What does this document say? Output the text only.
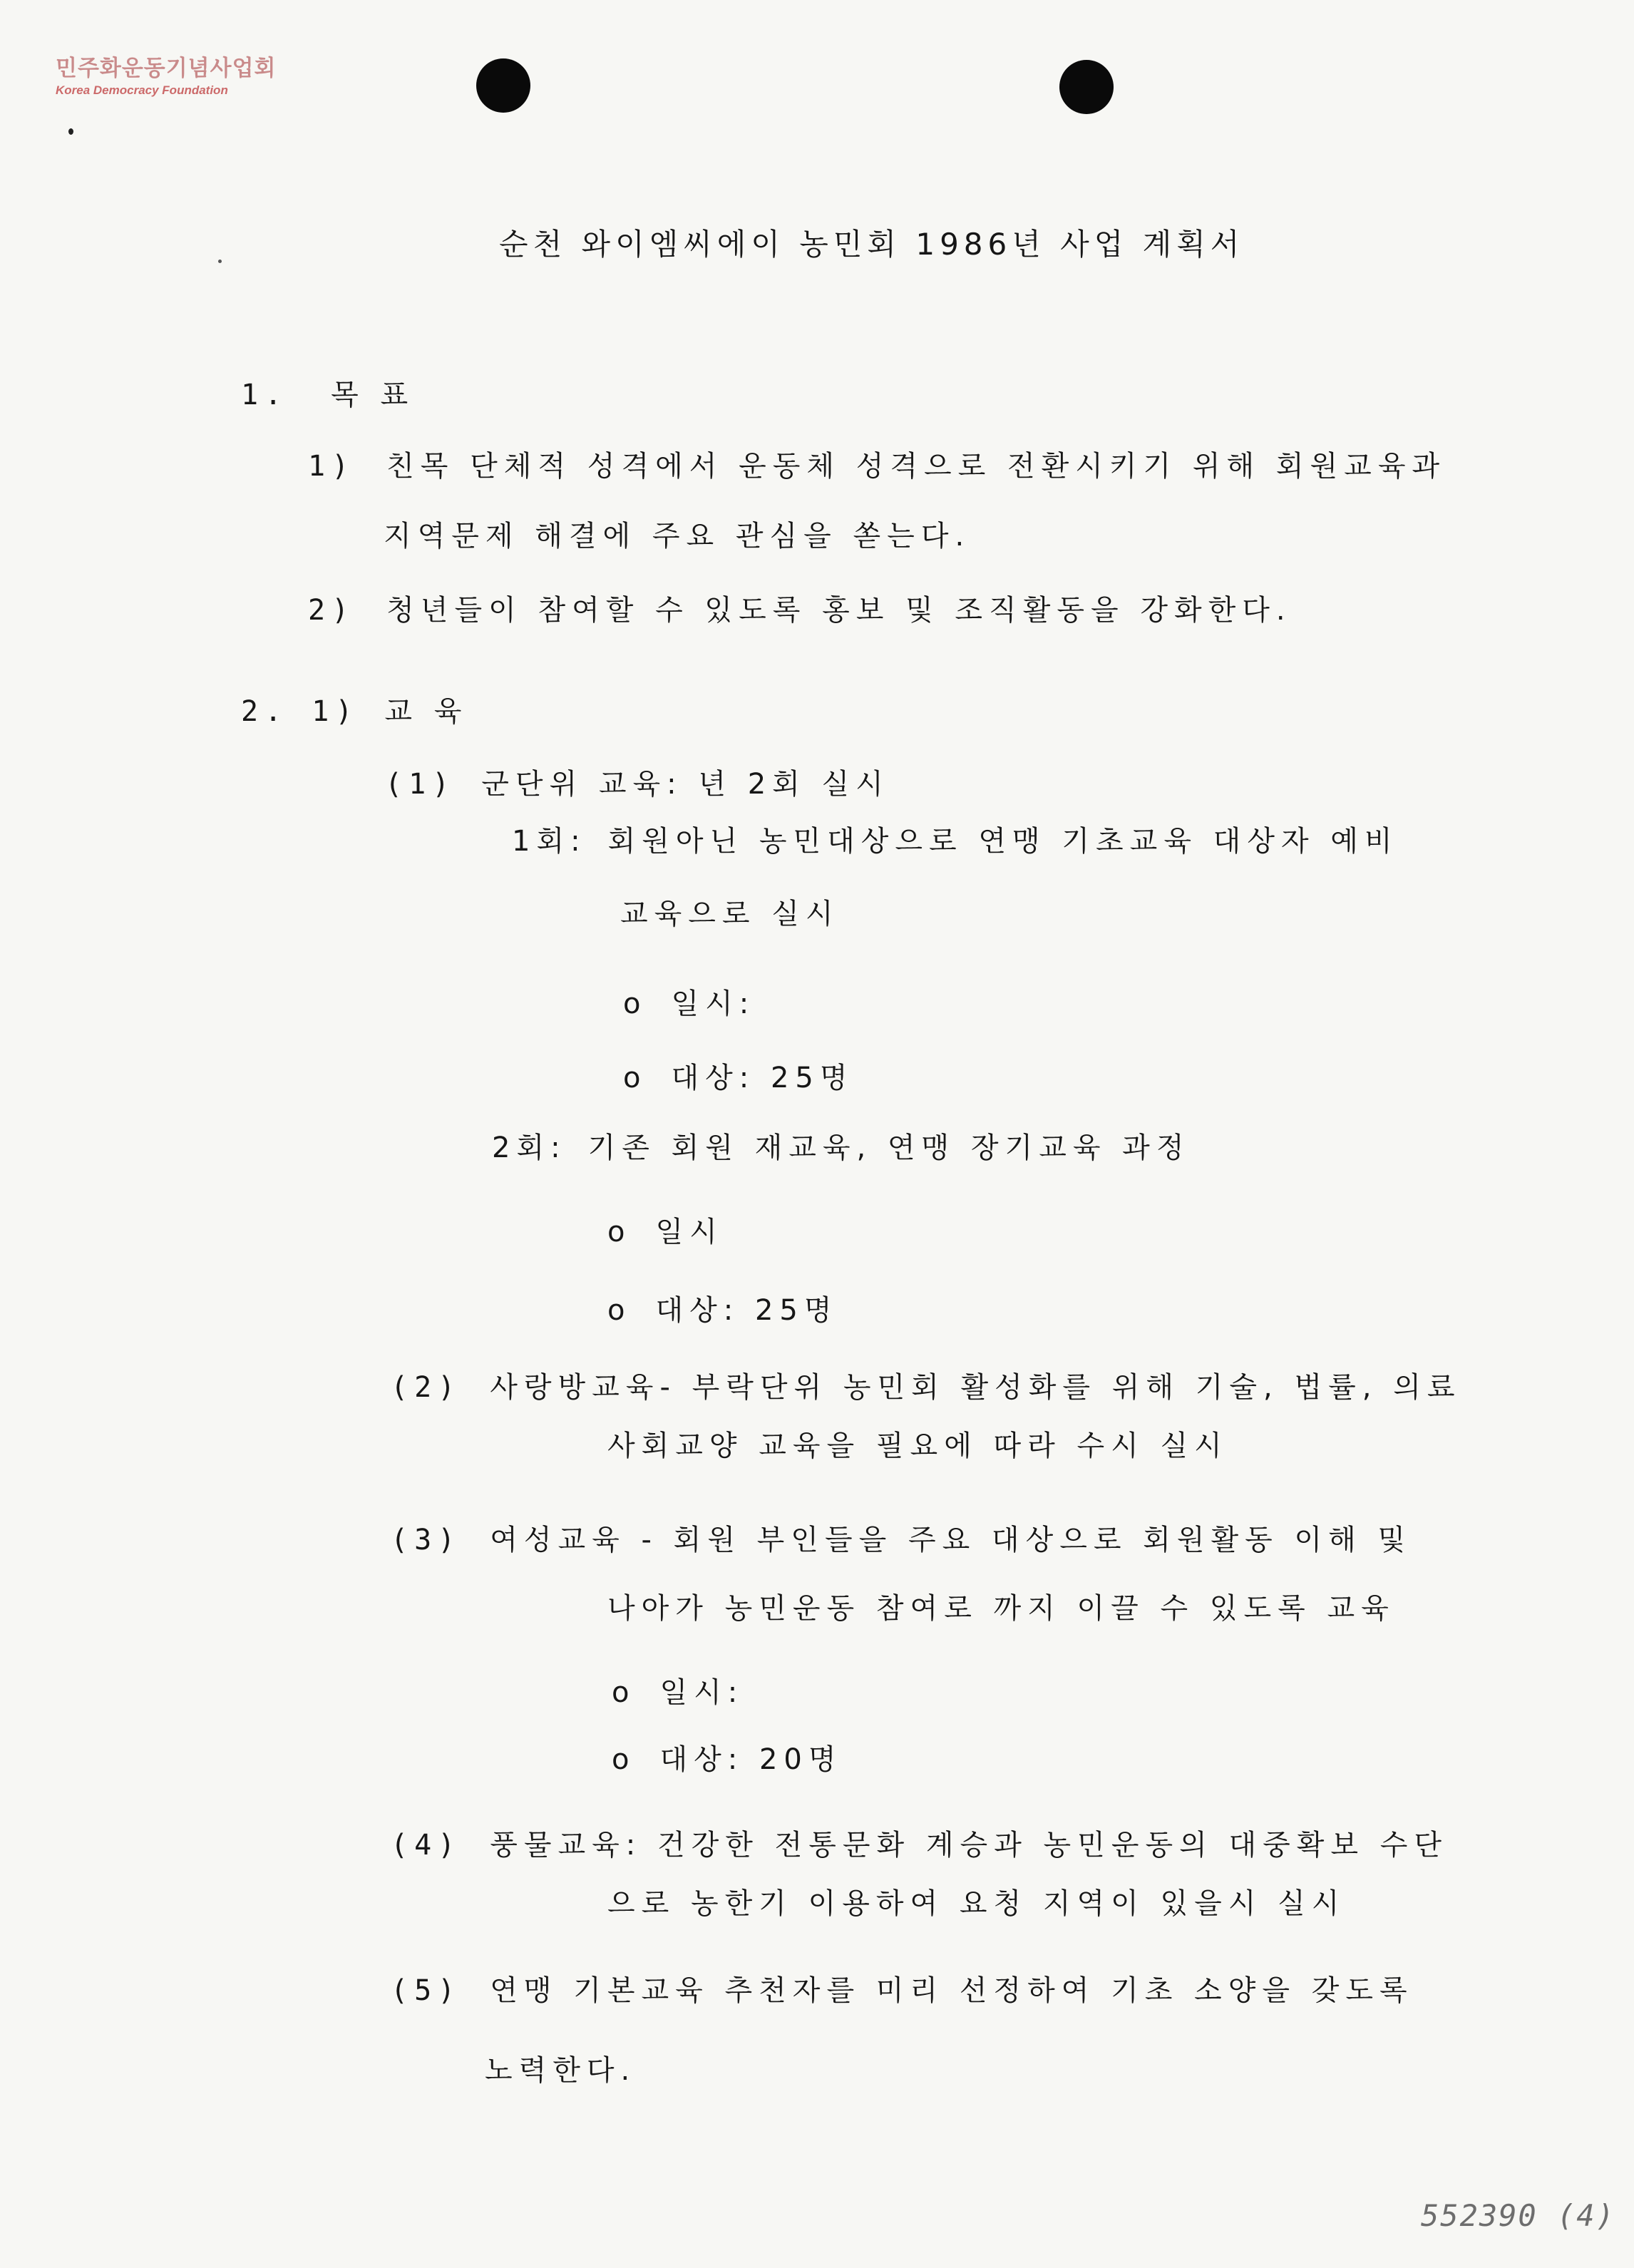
민주화운동기념사업회
Korea Democracy Foundation
순천 와이엠씨에이 농민회 1986년 사업 계획서
1. 목 표
1) 친목 단체적 성격에서 운동체 성격으로 전환시키기 위해 회원교육과
지역문제 해결에 주요 관심을 쏟는다.
2) 청년들이 참여할 수 있도록 홍보 및 조직활동을 강화한다.
2. 1) 교 육
(1) 군단위 교육: 년 2회 실시
1회: 회원아닌 농민대상으로 연맹 기초교육 대상자 예비
교육으로 실시
o 일시:
o 대상: 25명
2회: 기존 회원 재교육, 연맹 장기교육 과정
o 일시
o 대상: 25명
(2) 사랑방교육- 부락단위 농민회 활성화를 위해 기술, 법률, 의료
사회교양 교육을 필요에 따라 수시 실시
(3) 여성교육 - 회원 부인들을 주요 대상으로 회원활동 이해 및
나아가 농민운동 참여로 까지 이끌 수 있도록 교육
o 일시:
o 대상: 20명
(4) 풍물교육: 건강한 전통문화 계승과 농민운동의 대중확보 수단
으로 농한기 이용하여 요청 지역이 있을시 실시
(5) 연맹 기본교육 추천자를 미리 선정하여 기초 소양을 갖도록
노력한다.
552390 (4)
